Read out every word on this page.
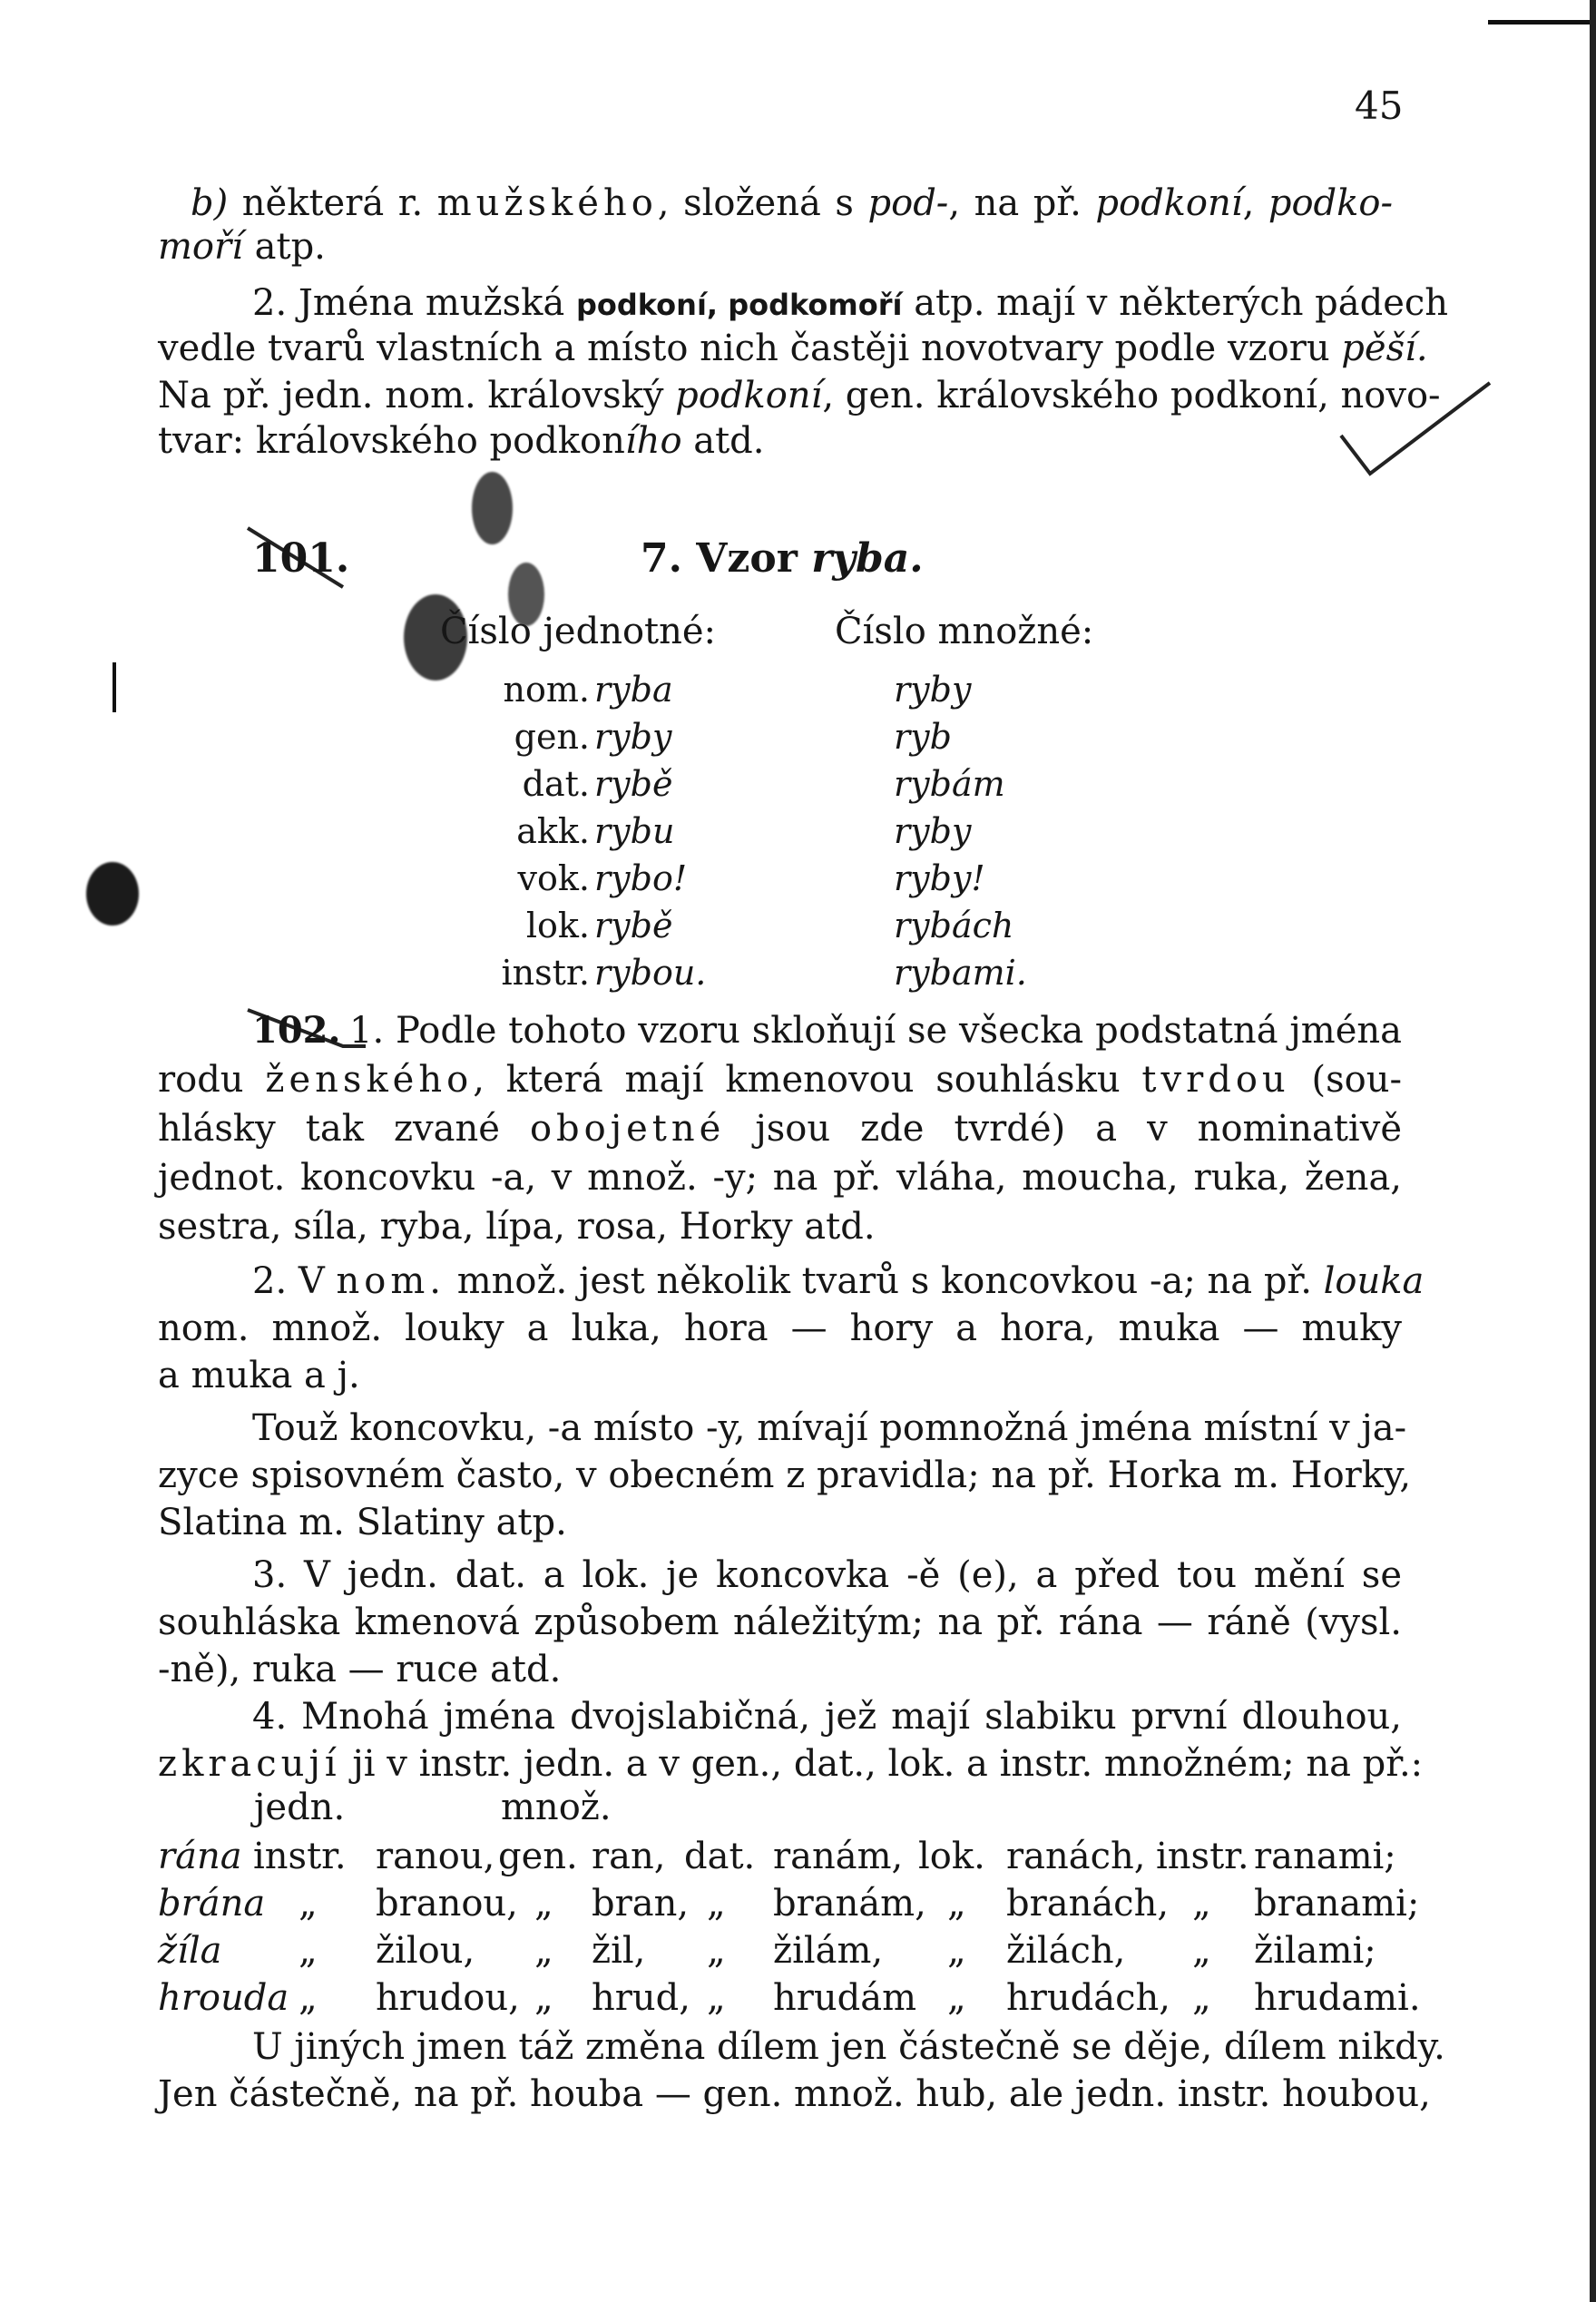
45
b) některá r. mužského, složená s pod-, na př. podkoní, podko-
moří atp.
2. Jména mužská podkoní, podkomoří atp. mají v některých pádech
vedle tvarů vlastních a místo nich častěji novotvary podle vzoru pěší.
Na př. jedn. nom. královský podkoní, gen. královského podkoní, novo-
tvar: královského podkoního atd.
101.	7. Vzor ryba.
Číslo jednotné:	Číslo množné:
nom. ryba	ryby
gen. ryby	ryb
dat. rybě	rybám
akk. rybu	ryby
vok. rybo!	ryby!
lok. rybě	rybách
instr. rybou.	rybami.
102. 1. Podle tohoto vzoru skloňují se všecka podstatná jména
rodu ženského, která mají kmenovou souhlásku tvrdou (sou-
hlásky tak zvané obojetné jsou zde tvrdé) a v nominativě
jednot. koncovku -a, v množ. -y; na př. vláha, moucha, ruka, žena,
sestra, síla, ryba, lípa, rosa, Horky atd.
2. V nom. množ. jest několik tvarů s koncovkou -a; na př. louka
nom. množ. louky a luka, hora — hory a hora, muka — muky
a muka a j.
Touž koncovku, -a místo -y, mívají pomnožná jména místní v ja-
zyce spisovném často, v obecném z pravidla; na př. Horka m. Horky,
Slatina m. Slatiny atp.
3. V jedn. dat. a lok. je koncovka -ě (e), a před tou mění se
souhláska kmenová způsobem náležitým; na př. rána — ráně (vysl.
-ně), ruka — ruce atd.
4. Mnohá jména dvojslabičná, jež mají slabiku první dlouhou,
zkracují ji v instr. jedn. a v gen., dat., lok. a instr. množném; na př.:
jedn.	množ.
rána instr. ranou, gen. ran, dat. ranám, lok. ranách, instr. ranami;
brána „ branou, „ bran, „ branám, „ branách, „ branami;
žíla „ žilou, „ žil, „ žilám, „ žilách, „ žilami;
hrouda „ hrudou, „ hrud, „ hrudám „ hrudách, „ hrudami.
U jiných jmen táž změna dílem jen částečně se děje, dílem nikdy.
Jen částečně, na př. houba — gen. množ. hub, ale jedn. instr. houbou,
